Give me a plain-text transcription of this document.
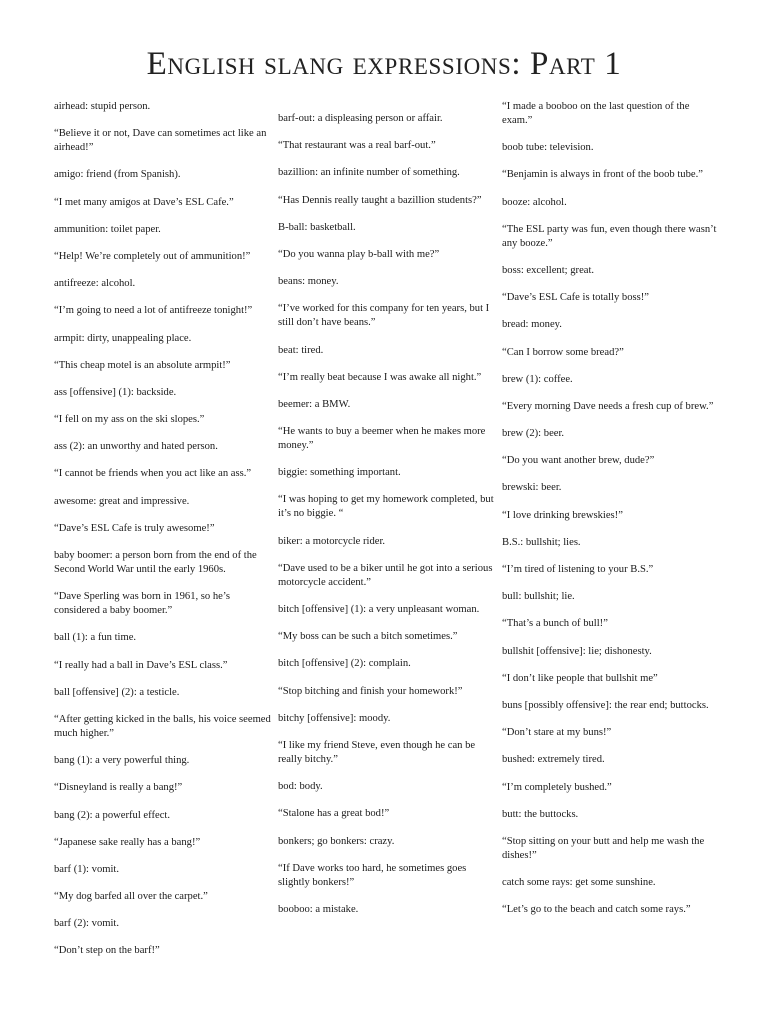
English slang expressions: Part 1

airhead: stupid person.

“Believe it or not, Dave can sometimes act like an airhead!”

amigo: friend (from Spanish).

“I met many amigos at Dave’s ESL Cafe.”

ammunition: toilet paper.

“Help! We’re completely out of ammunition!”

antifreeze: alcohol.

“I’m going to need a lot of antifreeze tonight!”

armpit: dirty, unappealing place.

“This cheap motel is an absolute armpit!”

ass [offensive] (1): backside.

“I fell on my ass on the ski slopes.”

ass (2): an unworthy and hated person.

“I cannot be friends when you act like an ass.”

awesome: great and impressive.

“Dave’s ESL Cafe is truly awesome!”

baby boomer: a person born from the end of the Second World War until the early 1960s.

“Dave Sperling was born in 1961, so he’s considered a baby boomer.”

ball (1): a fun time.

“I really had a ball in Dave’s ESL class.”

ball [offensive] (2): a testicle.

“After getting kicked in the balls, his voice seemed much higher.”

bang (1): a very powerful thing.

“Disneyland is really a bang!”

bang (2): a powerful effect.

“Japanese sake really has a bang!”

barf (1): vomit.

“My dog barfed all over the carpet.”

barf (2): vomit.

“Don’t step on the barf!”

barf-out: a displeasing person or affair.

“That restaurant was a real barf-out.”

bazillion: an infinite number of something.

“Has Dennis really taught a bazillion students?”

B-ball: basketball.

“Do you wanna play b-ball with me?”

beans: money.

“I’ve worked for this company for ten years, but I still don’t have beans.”

beat: tired.

“I’m really beat because I was awake all night.”

beemer: a BMW.

“He wants to buy a beemer when he makes more money.”

biggie: something important.

“I was hoping to get my homework completed, but it’s no biggie. “

biker: a motorcycle rider.

“Dave used to be a biker until he got into a serious motorcycle accident.”

bitch [offensive] (1): a very unpleasant woman.

“My boss can be such a bitch sometimes.”

bitch [offensive] (2): complain.

“Stop bitching and finish your homework!”

bitchy [offensive]: moody.

“I like my friend Steve, even though he can be really bitchy.”

bod: body.

“Stalone has a great bod!”

bonkers; go bonkers: crazy.

“If Dave works too hard, he sometimes goes slightly bonkers!”

booboo: a mistake.

“I made a booboo on the last question of the exam.”

boob tube: television.

“Benjamin is always in front of the boob tube.”

booze: alcohol.

“The ESL party was fun, even though there wasn’t any booze.”

boss: excellent; great.

“Dave’s ESL Cafe is totally boss!”

bread: money.

“Can I borrow some bread?”

brew (1): coffee.

“Every morning Dave needs a fresh cup of brew.”

brew (2): beer.

“Do you want another brew, dude?”

brewski: beer.

“I love drinking brewskies!”

B.S.: bullshit; lies.

“I’m tired of listening to your B.S.”

bull: bullshit; lie.

“That’s a bunch of bull!”

bullshit [offensive]: lie; dishonesty.

“I don’t like people that bullshit me”

buns [possibly offensive]: the rear end; buttocks.

“Don’t stare at my buns!”

bushed: extremely tired.

“I’m completely bushed.”

butt: the buttocks.

“Stop sitting on your butt and help me wash the dishes!”

catch some rays: get some sunshine.

“Let’s go to the beach and catch some rays.”
